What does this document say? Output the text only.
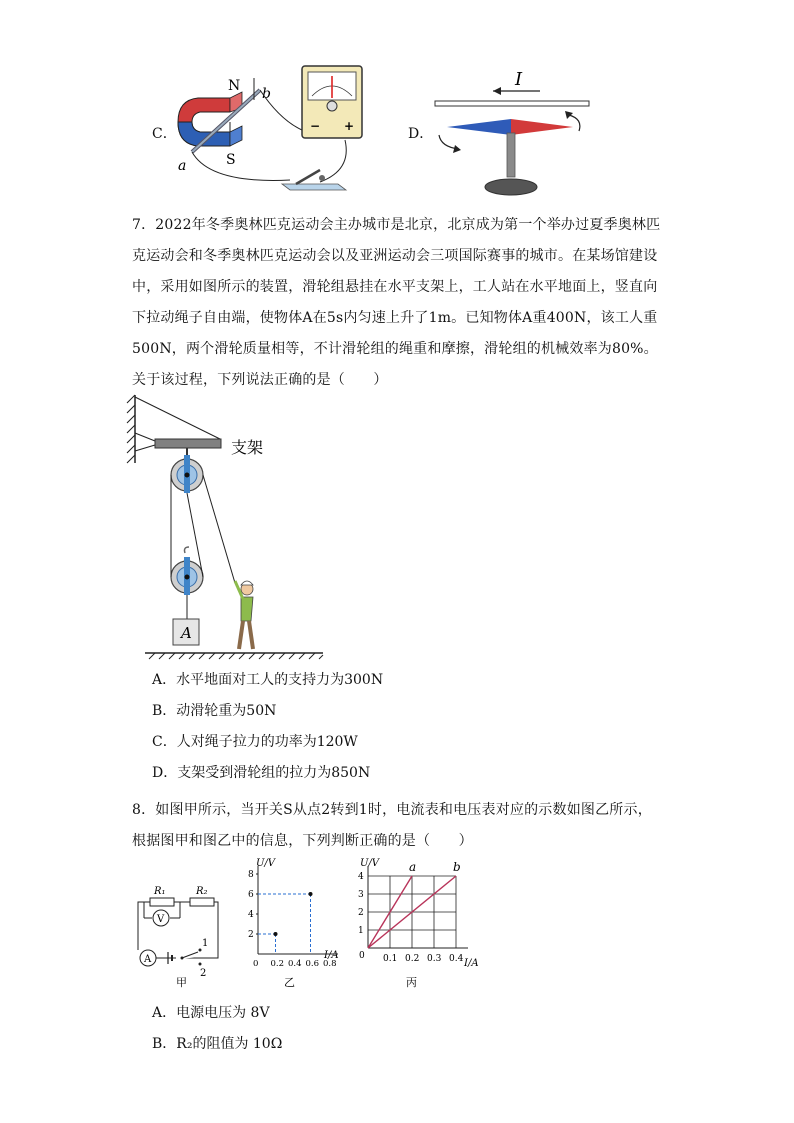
C．
N
S
a
b
− +	D．
I
7．2022年冬季奥林匹克运动会主办城市是北京，北京成为第一个举办过夏季奥林匹克运动会和冬季奥林匹克运动会以及亚洲运动会三项国际赛事的城市。在某场馆建设中，采用如图所示的装置，滑轮组悬挂在水平支架上，工人站在水平地面上，竖直向下拉动绳子自由端，使物体A在5s内匀速上升了1m。已知物体A重400N，该工人重500N，两个滑轮质量相等，不计滑轮组的绳重和摩擦，滑轮组的机械效率为80%。关于该过程，下列说法正确的是（　　）
支架
A
A．水平地面对工人的支持力为300N
B．动滑轮重为50N
C．人对绳子拉力的功率为120W
D．支架受到滑轮组的拉力为850N
8．如图甲所示，当开关S从点2转到1时，电流表和电压表对应的示数如图乙所示，根据图甲和图乙中的信息，下列判断正确的是（　　）
R₁	R₂
V
A
1
2
甲
U/V
I/A
乙
2
4
6
8
0 0.2 0.4 0.6 0.8
U/V
I/A
丙
0.1 0.2 0.3 0.4
1
2
3
4
0
a	b
A．电源电压为 8V
B．R₂的阻值为 10Ω
